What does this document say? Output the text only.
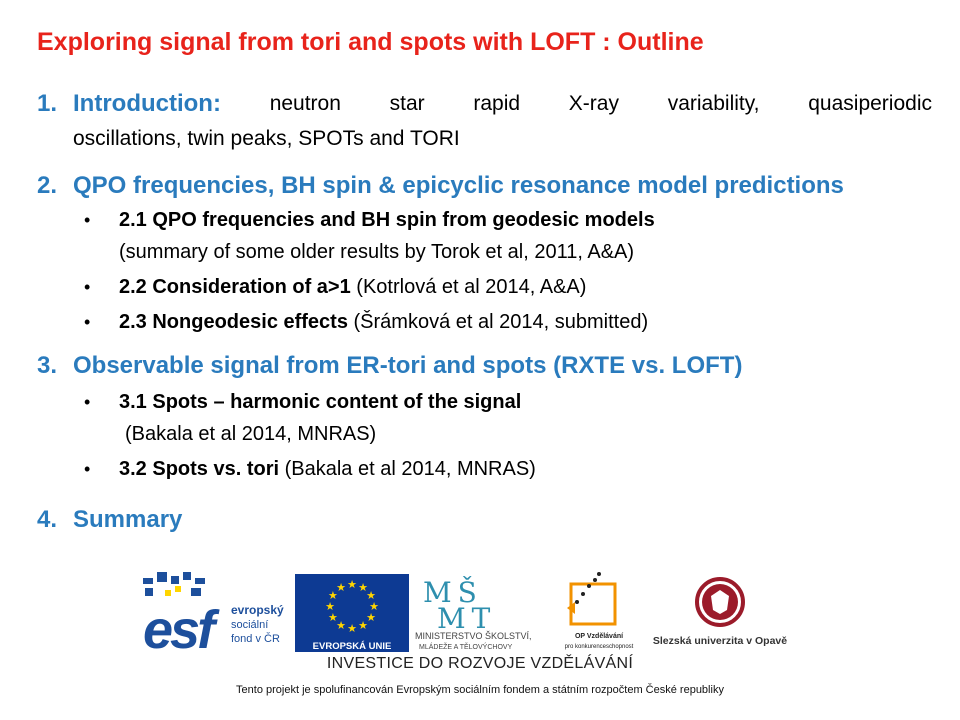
Exploring signal from tori and spots with LOFT : Outline
1. Introduction: neutron star rapid X-ray variability, quasiperiodic
oscillations, twin peaks, SPOTs and TORI
2. QPO frequencies, BH spin & epicyclic resonance model predictions
• 2.1 QPO frequencies and BH spin from geodesic models
(summary of some older results by Torok et al, 2011, A&A)
• 2.2 Consideration of a>1 (Kotrlová et al 2014, A&A)
• 2.3 Nongeodesic effects (Šrámková et al 2014, submitted)
3. Observable signal from ER-tori and spots (RXTE vs. LOFT)
• 3.1 Spots – harmonic content of the signal
(Bakala et al 2014, MNRAS)
• 3.2 Spots vs. tori (Bakala et al 2014, MNRAS)
4. Summary
esf	evropský
sociální
fond v ČR
★ ★
★
★
★
★
★
★
★
★
★
★
EVROPSKÁ UNIE
MŠ
MT
MINISTERSTVO ŠKOLSTVÍ,
MLÁDEŽE A TĚLOVÝCHOVY
OP Vzdělávání
pro konkurenceschopnost Slezská univerzita v Opavě
INVESTICE DO ROZVOJE VZDĚLÁVÁNÍ
Tento projekt je spolufinancován Evropským sociálním fondem a státním rozpočtem České republiky
